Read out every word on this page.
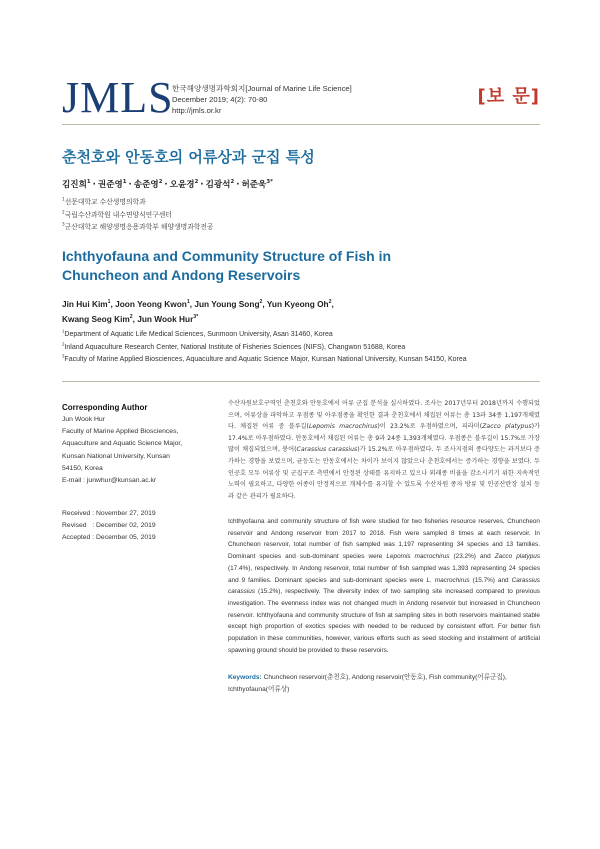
JMLS
한국해양생명과학회지[Journal of Marine Life Science]
December 2019; 4(2): 70-80
http://jmls.or.kr
[보 문]
춘천호와 안동호의 어류상과 군집 특성
김진희$^1$ · 권준영$^1$ · 송준영$^2$ · 오윤경$^2$ · 김광석$^2$ · 허준욱$^{3*}$
$^1$선문대학교 수산생명의학과
$^2$국립수산과학원 내수면양식연구센터
$^3$군산대학교 해양생명응용과학부 해양생명과학전공
Ichthyofauna and Community Structure of Fish in
Chuncheon and Andong Reservoirs
Jin Hui Kim$^1$, Joon Yeong Kwon$^1$, Jun Young Song$^2$, Yun Kyeong Oh$^2$,
Kwang Seog Kim$^2$, Jun Wook Hur$^{3*}$
$^1$Department of Aquatic Life Medical Sciences, Sunmoon University, Asan 31460, Korea
$^2$Inland Aquaculture Research Center, National Institute of Fisheries Sciences (NIFS), Changwon 51688, Korea
$^3$Faculty of Marine Applied Biosciences, Aquaculture and Aquatic Science Major, Kunsan National University, Kunsan 54150, Korea
Corresponding Author
Jun Wook Hur
Faculty of Marine Applied Biosciences,
Aquaculture and Aquatic Science Major,
Kunsan National University, Kunsan
54150, Korea
E-mail : junwhur@kunsan.ac.kr
Received : November 27, 2019
Revised   : December 02, 2019
Accepted : December 05, 2019
수산자원보호구역인 춘천호와 안동호에서 어류 군집 분석을 실시하였다. 조사는 2017년부터 2018년까지 수행되었으며, 어류상을 파악하고 우점종 및 아우점종을 확인한 결과 춘천호에서 채집된 어류는 총 13과 34종 1,197개체였다. 채집된 어류 중 블루길(Lepomis macrochirus)이 23.2%로 우점하였으며, 피라미(Zacco platypus)가 17.4%로 아우점하였다. 안동호에서 채집된 어류는 총 9과 24종 1,393개체였다. 우점종은 블루길이 15.7%로 가장 많이 채집되었으며, 붕어(Carassius carassius)가 15.2%로 아우점하였다. 두 조사지점의 종다양도는 과거보다 증가하는 경향을 보였으며, 균등도는 안동호에서는 차이가 보이지 않았으나 춘천호에서는 증가하는 경향을 보였다. 두 인공호 모두 어류상 및 군집구조 측면에서 안정된 상태를 유지하고 있으나 외래종 비율을 감소시키기 위한 지속적인 노력이 필요하고, 다양한 어종이 안정적으로 개체수를 유지할 수 있도록 수산자원 종자 방류 및 인공산란장 설치 등과 같은 관리가 필요하다.
Ichthyofauna and community structure of fish were studied for two fisheries resource reserves, Chuncheon reservoir and Andong reservoir from 2017 to 2018. Fish were sampled 8 times at each reservoir. In Chuncheon reservoir, total number of fish sampled was 1,197 representing 34 species and 13 families. Dominant species and sub-dominant species were Lepomis macrochirus (23.2%) and Zacco platypus (17.4%), respectively. In Andong reservoir, total number of fish sampled was 1,393 representing 24 species and 9 families. Dominant species and sub-dominant species were L. macrochirus (15.7%) and Carassius carassius (15.2%), respectively. The diversity index of two sampling site increased compared to previous investigation. The evenness index was not changed much in Andong reservoir but increased in Chuncheon reservoir. Ichthyofauna and community structure of fish at sampling sites in both reservoirs maintained stable except high proportion of exotics species with needed to be reduced by consistent effort. For better fish population in these communities, however, various efforts such as seed stocking and installment of artificial spawning ground should be provided to these reservoirs.
Keywords: Chuncheon reservoir(춘천호), Andong reservoir(안동호), Fish community(어류군집), Ichthyofauna(어류상)
